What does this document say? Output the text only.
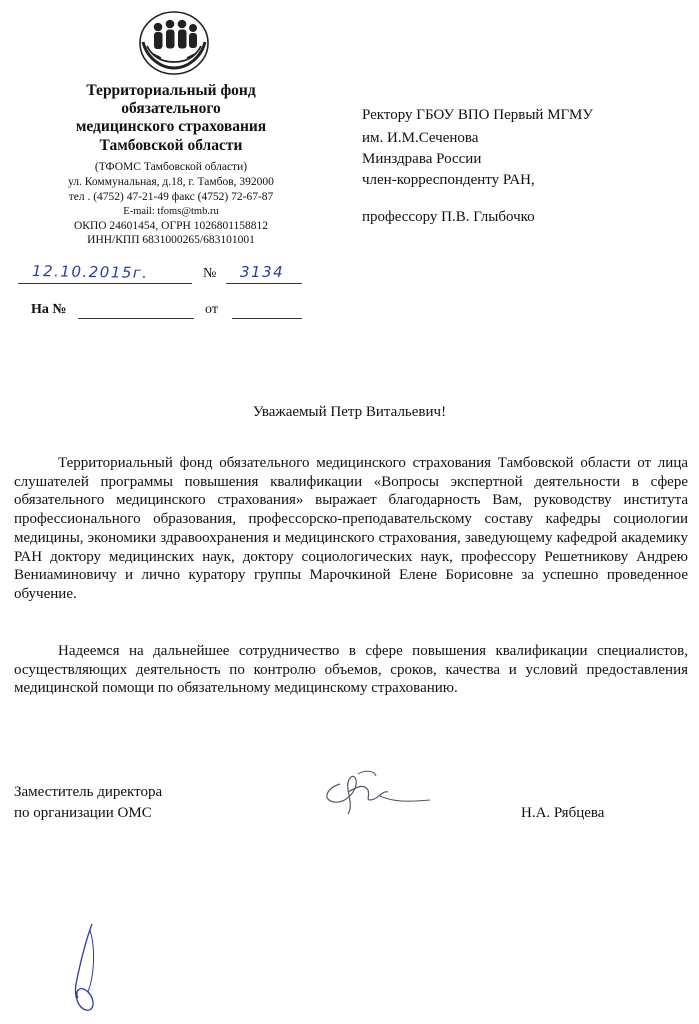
Территориальный фонд
обязательного
медицинского страхования
Тамбовской области
(ТФОМС Тамбовской области)
ул. Коммунальная, д.18, г. Тамбов, 392000
тел . (4752) 47-21-49 факс (4752) 72-67-87
E-mail: tfoms@tmb.ru
ОКПО 24601454, ОГРН 1026801158812
ИНН/КПП 6831000265/683101001
12.10.2015г.	№ 3134
На №	от
Ректору ГБОУ ВПО Первый МГМУ
им. И.М.Сеченова
Минздрава России
член-корреспонденту РАН,
профессору П.В. Глыбочко
Уважаемый Петр Витальевич!

Территориальный фонд обязательного медицинского страхования Тамбовской области от лица слушателей программы повышения квалификации «Вопросы экспертной деятельности в сфере обязательного медицинского страхования» выражает благодарность Вам, руководству института профессионального образования, профессорско-преподавательскому составу кафедры социологии медицины, экономики здравоохранения и медицинского страхования, заведующему кафедрой академику РАН доктору медицинских наук, доктору социологических наук, профессору Решетникову Андрею Вениаминовичу и лично куратору группы Марочкиной Елене Борисовне за успешно проведенное обучение.

Надеемся на дальнейшее сотрудничество в сфере повышения квалификации специалистов, осуществляющих деятельность по контролю объемов, сроков, качества и условий предоставления медицинской помощи по обязательному медицинскому страхованию.

Заместитель директора
по организации ОМС	Н.А. Рябцева
